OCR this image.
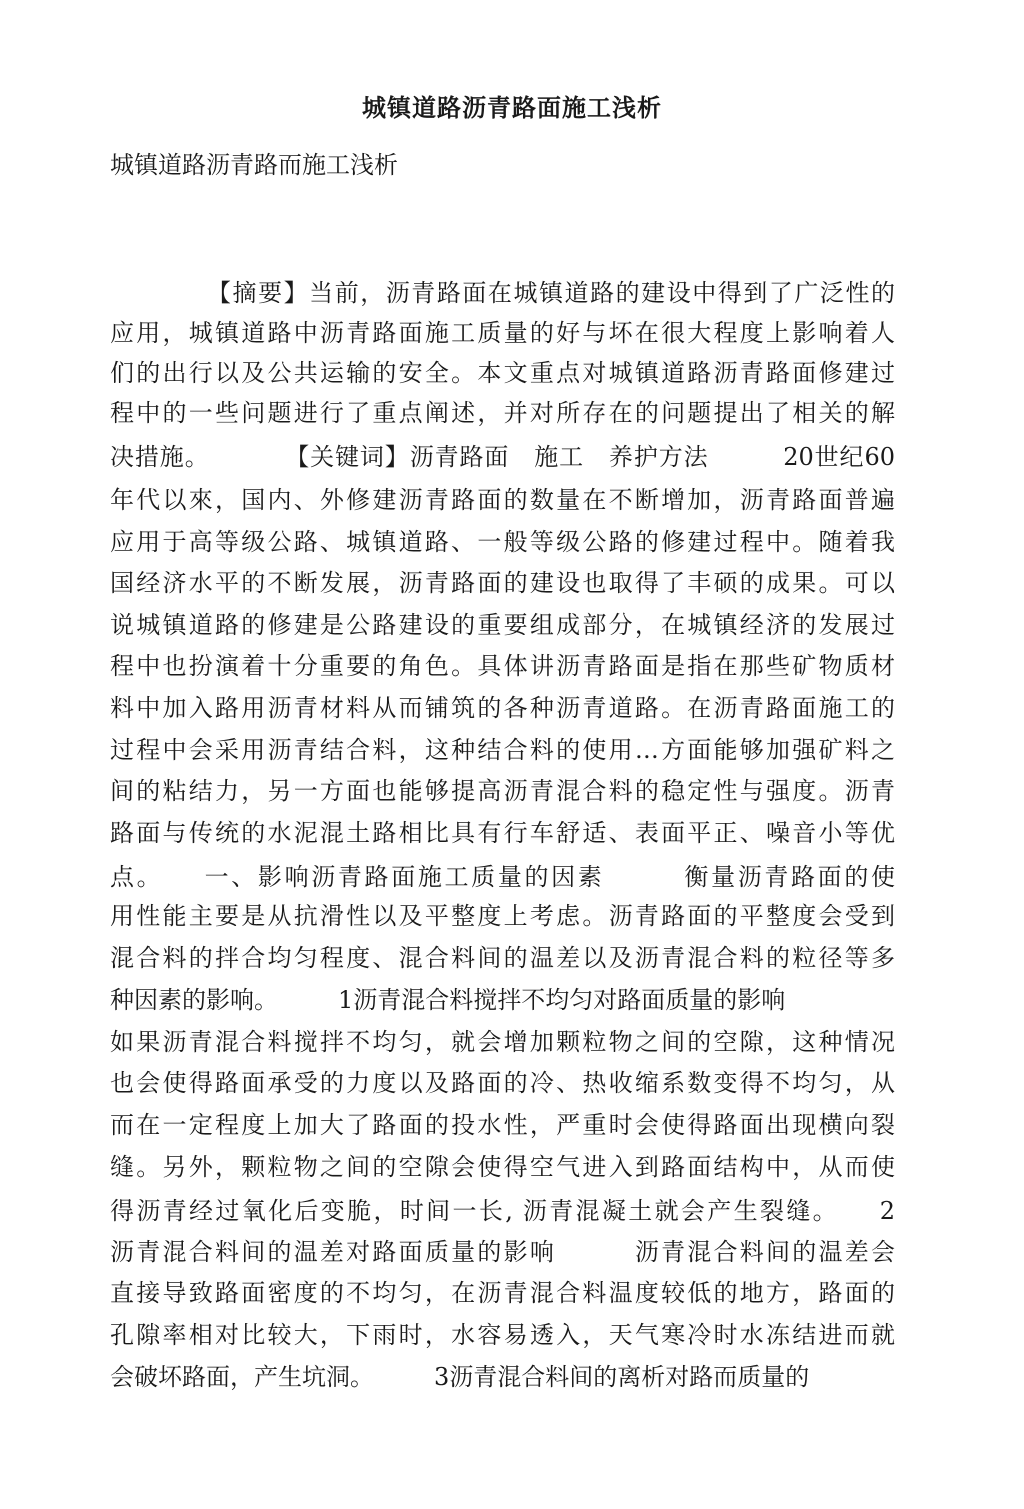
城镇道路沥青路面施工浅析
城镇道路沥青路而施工浅析
【摘要】当前，沥青路面在城镇道路的建设中得到了广泛性的
应用，城镇道路中沥青路面施工质量的好与坏在很大程度上影响着人
们的出行以及公共运输的安全。本文重点对城镇道路沥青路面修建过
程中的一些问题进行了重点阐述，并对所存在的问题提出了相关的解
决措施。　　　　【关键词】沥青路面　施工　养护方法　　　20世纪60
年代以來，国内、外修建沥青路面的数量在不断增加，沥青路面普遍
应用于高等级公路、城镇道路、一般等级公路的修建过程中。随着我
国经济水平的不断发展，沥青路面的建设也取得了丰硕的成果。可以
说城镇道路的修建是公路建设的重要组成部分，在城镇经济的发展过
程中也扮演着十分重要的角色。具体讲沥青路面是指在那些矿物质材
料中加入路用沥青材料从而铺筑的各种沥青道路。在沥青路面施工的
过程中会采用沥青结合料，这种结合料的使用…方面能够加强矿料之
间的粘结力，另一方面也能够提高沥青混合料的稳定性与强度。沥青
路面与传统的水泥混土路相比具有行车舒适、表面平正、噪音小等优
点。　　一、影响沥青路面施工质量的因素　　　衡量沥青路面的使
用性能主要是从抗滑性以及平整度上考虑。沥青路面的平整度会受到
混合料的拌合均匀程度、混合料间的温差以及沥青混合料的粒径等多
种因素的影响。　　　1沥青混合料搅拌不均匀对路面质量的影响
如果沥青混合料搅拌不均匀，就会增加颗粒物之间的空隙，这种情况
也会使得路面承受的力度以及路面的冷、热收缩系数变得不均匀，从
而在一定程度上加大了路面的投水性，严重时会使得路面出现横向裂
缝。另外，颗粒物之间的空隙会使得空气进入到路面结构中，从而使
得沥青经过氧化后变脆，时间一长, 沥青混凝土就会产生裂缝。　　2
沥青混合料间的温差对路面质量的影响　　　沥青混合料间的温差会
直接导致路面密度的不均匀，在沥青混合料温度较低的地方，路面的
孔隙率相对比较大，下雨时，水容易透入，天气寒冷时水冻结进而就
会破坏路面，产生坑洞。　　　3沥青混合料间的离析对路而质量的
